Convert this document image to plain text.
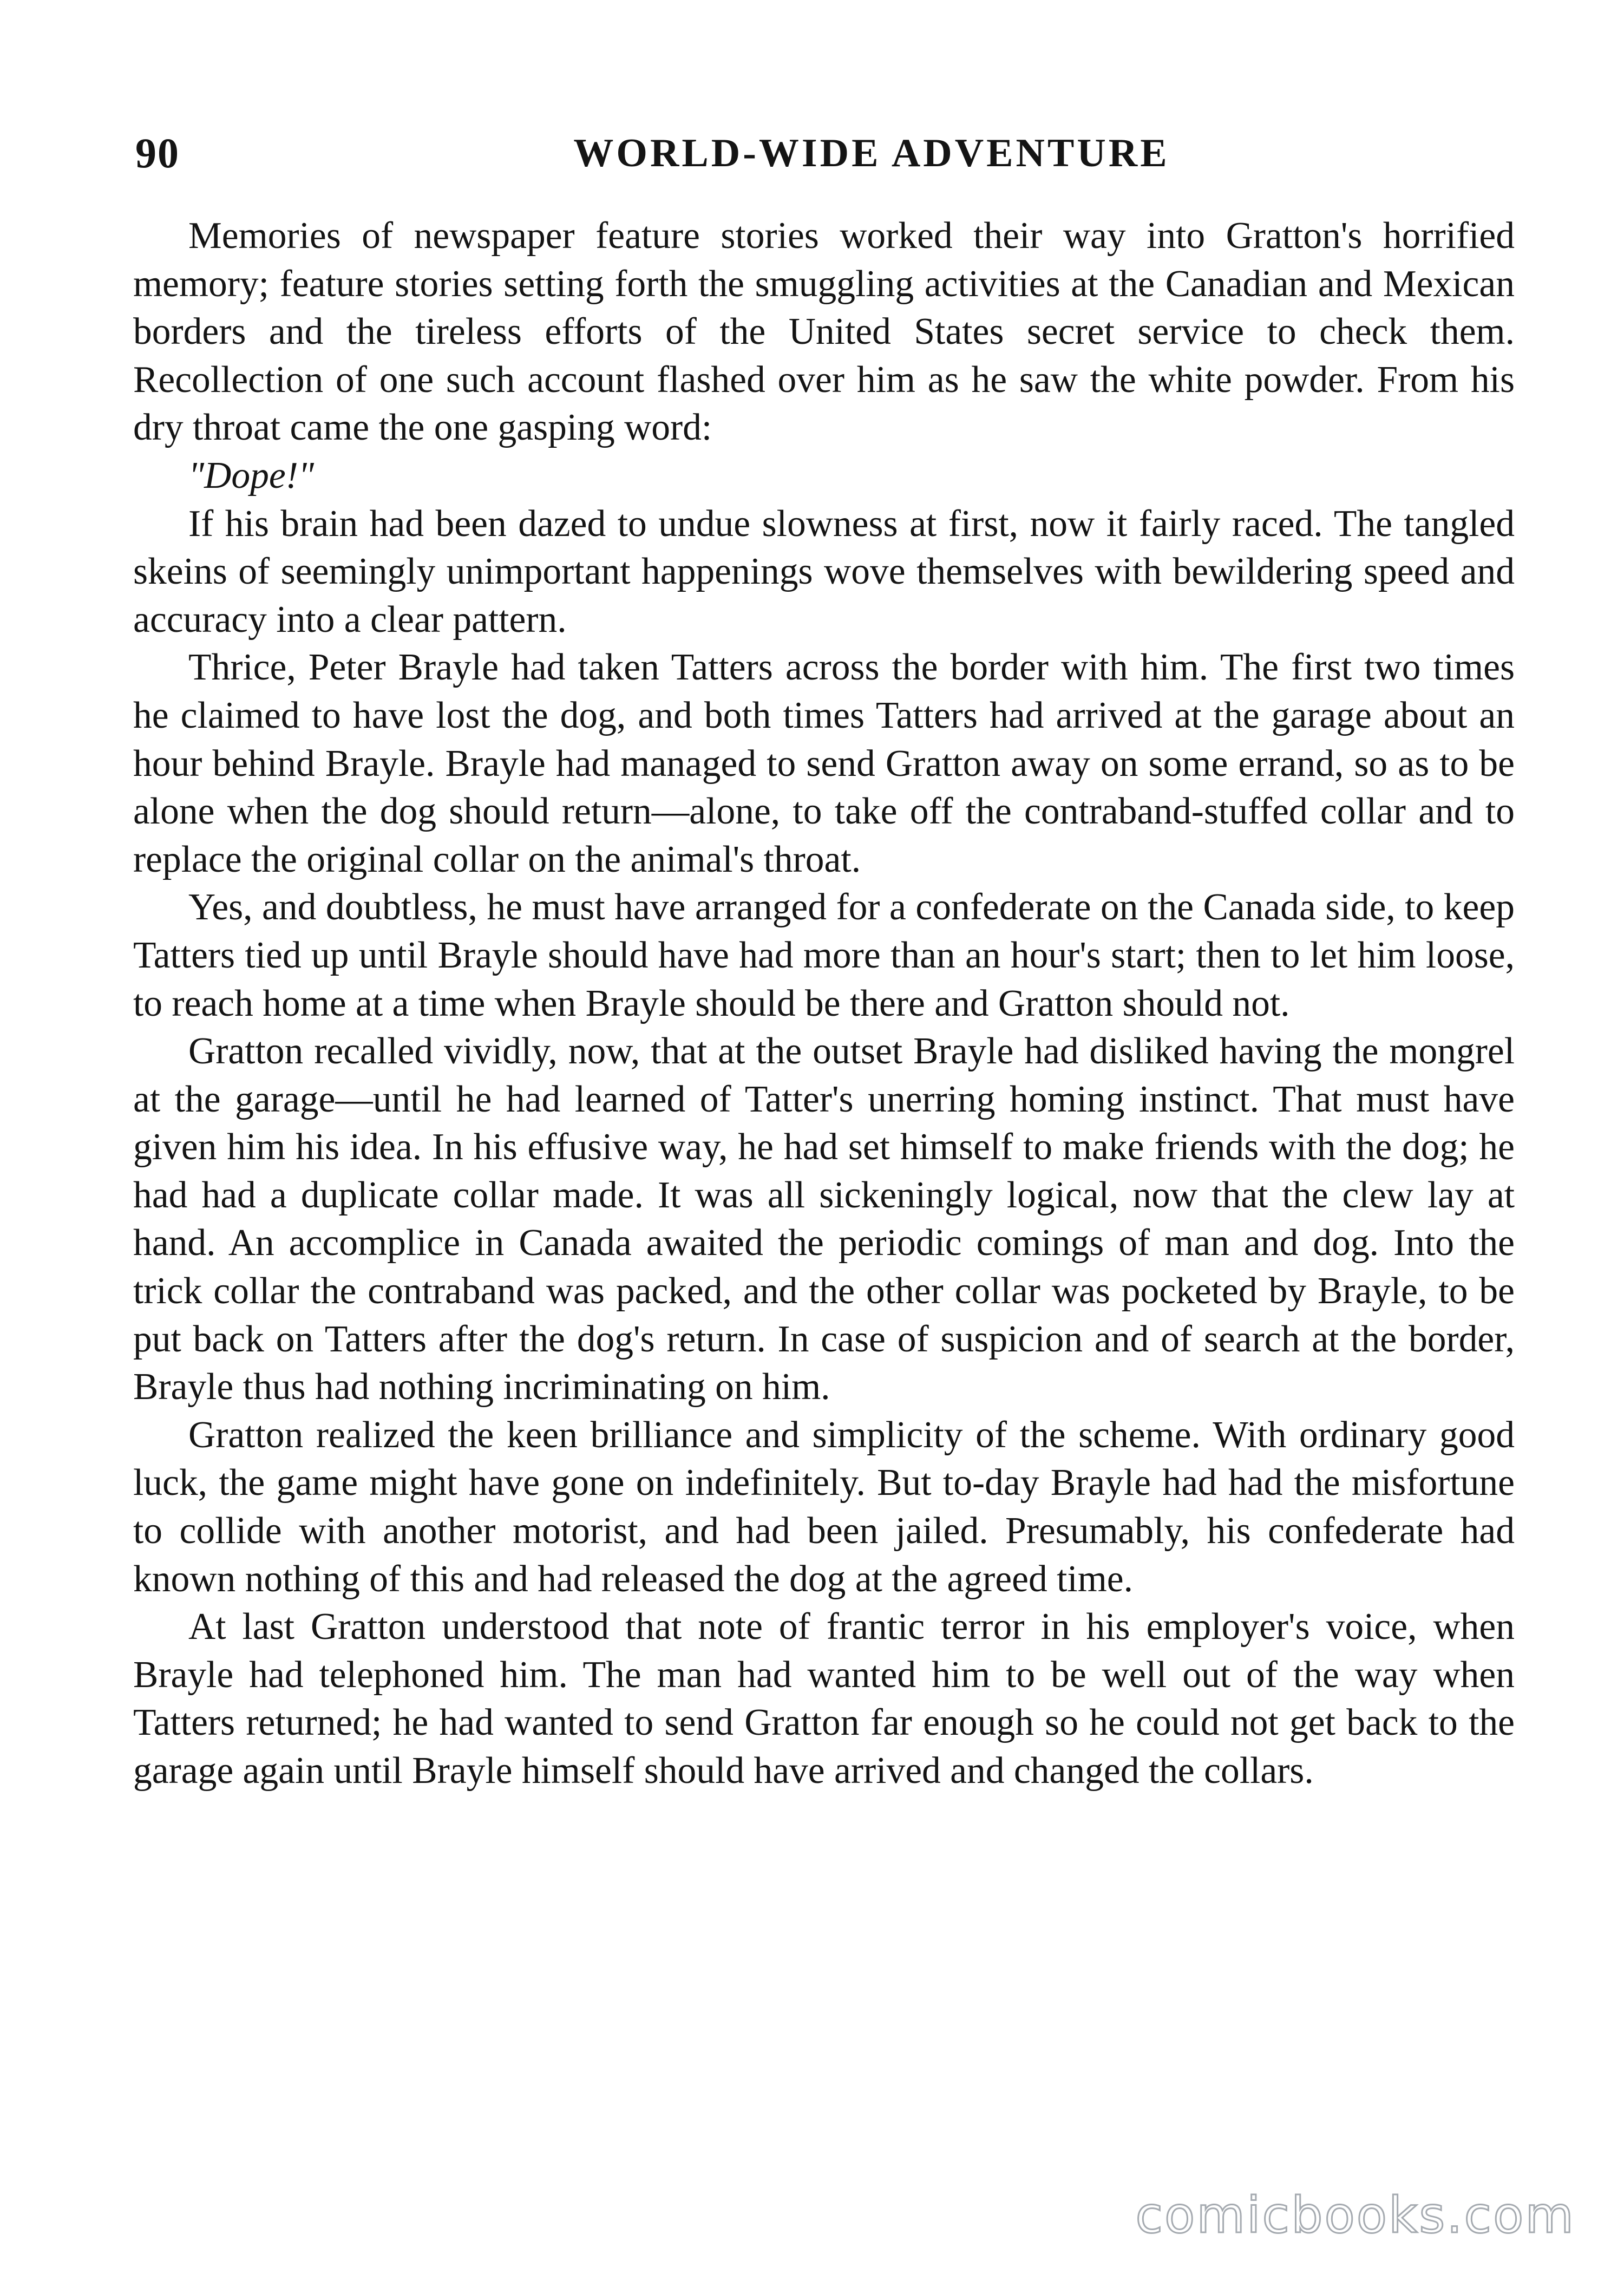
90	WORLD-WIDE ADVENTURE

Memories of newspaper feature stories worked their way into Gratton's horrified memory; feature stories setting forth the smuggling activities at the Canadian and Mexican borders and the tireless efforts of the United States secret service to check them. Recollection of one such account flashed over him as he saw the white powder. From his dry throat came the one gasping word:

"Dope!"

If his brain had been dazed to undue slowness at first, now it fairly raced. The tangled skeins of seemingly unimportant happenings wove themselves with bewildering speed and accuracy into a clear pattern.

Thrice, Peter Brayle had taken Tatters across the border with him. The first two times he claimed to have lost the dog, and both times Tatters had arrived at the garage about an hour behind Brayle. Brayle had managed to send Gratton away on some errand, so as to be alone when the dog should return—alone, to take off the contraband-stuffed collar and to replace the original collar on the animal's throat.

Yes, and doubtless, he must have arranged for a confederate on the Canada side, to keep Tatters tied up until Brayle should have had more than an hour's start; then to let him loose, to reach home at a time when Brayle should be there and Gratton should not.

Gratton recalled vividly, now, that at the outset Brayle had disliked having the mongrel at the garage—until he had learned of Tatter's unerring homing instinct. That must have given him his idea. In his effusive way, he had set himself to make friends with the dog; he had had a duplicate collar made. It was all sickeningly logical, now that the clew lay at hand. An accomplice in Canada awaited the periodic comings of man and dog. Into the trick collar the contraband was packed, and the other collar was pocketed by Brayle, to be put back on Tatters after the dog's return. In case of suspicion and of search at the border, Brayle thus had nothing incriminating on him.

Gratton realized the keen brilliance and simplicity of the scheme. With ordinary good luck, the game might have gone on indefinitely. But to-day Brayle had had the misfortune to collide with another motorist, and had been jailed. Presumably, his confederate had known nothing of this and had released the dog at the agreed time.

At last Gratton understood that note of frantic terror in his employer's voice, when Brayle had telephoned him. The man had wanted him to be well out of the way when Tatters returned; he had wanted to send Gratton far enough so he could not get back to the garage again until Brayle himself should have arrived and changed the collars.

comicbooks.com
